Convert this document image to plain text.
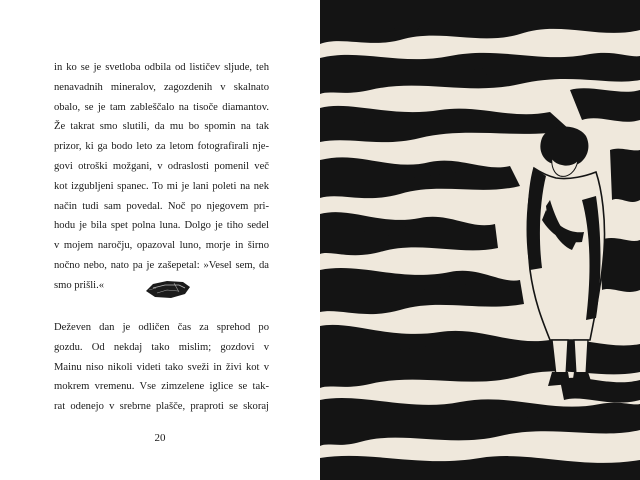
in ko se je svetloba odbila od lističev sljude, teh
nenavadnih mineralov, zagozdenih v skalnato
obalo, se je tam zableščalo na tisoče diamantov.
Že takrat smo slutili, da mu bo spomin na tak
prizor, ki ga bodo leto za letom fotografirali nje-
govi otroški možgani, v odraslosti pomenil več
kot izgubljeni spanec. To mi je lani poleti na nek
način tudi sam povedal. Noč po njegovem pri-
hodu je bila spet polna luna. Dolgo je tiho sedel
v mojem naročju, opazoval luno, morje in širno
nočno nebo, nato pa je zašepetal: »Vesel sem, da
smo prišli.«

Deževen dan je odličen čas za sprehod po
gozdu. Od nekdaj tako mislim; gozdovi v
Mainu niso nikoli videti tako sveži in živi kot v
mokrem vremenu. Vse zimzelene iglice se tak-
rat odenejo v srebrne plašče, praproti se skoraj

20
